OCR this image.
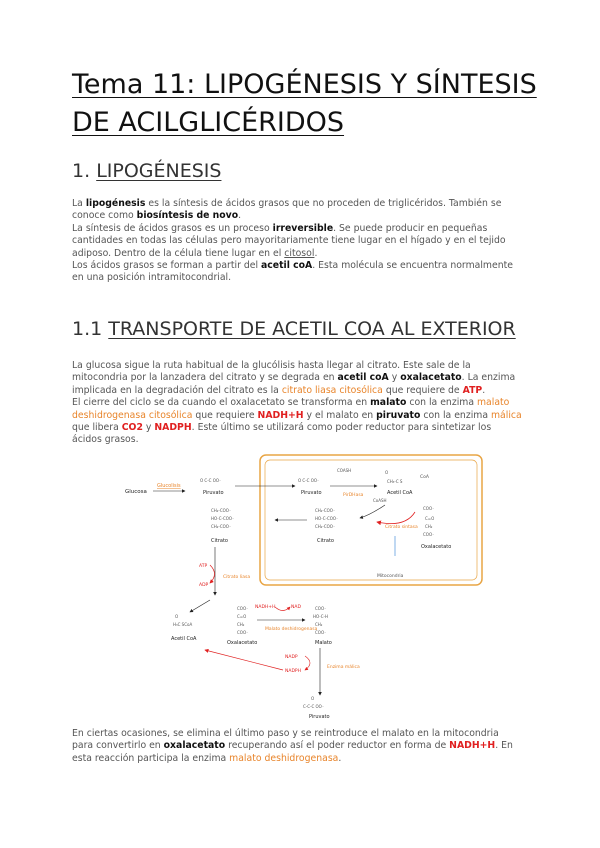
Tema 11: LIPOGÉNESIS Y SÍNTESIS DE ACILGLICÉRIDOS
1. LIPOGÉNESIS

La lipogénesis es la síntesis de ácidos grasos que no proceden de triglicéridos. También se conoce como biosíntesis de novo.
La síntesis de ácidos grasos es un proceso irreversible. Se puede producir en pequeñas cantidades en todas las células pero mayoritariamente tiene lugar en el hígado y en el tejido adiposo. Dentro de la célula tiene lugar en el citosol.
Los ácidos grasos se forman a partir del acetil coA. Esta molécula se encuentra normalmente en una posición intramitocondrial.

1.1 TRANSPORTE DE ACETIL COA AL EXTERIOR

La glucosa sigue la ruta habitual de la glucólisis hasta llegar al citrato. Este sale de la mitocondria por la lanzadera del citrato y se degrada en acetil coA y oxalacetato. La enzima implicada en la degradación del citrato es la citrato liasa citosólica que requiere de ATP.
El cierre del ciclo se da cuando el oxalacetato se transforma en malato con la enzima malato deshidrogenasa citosólica que requiere NADH+H y el malato en piruvato con la enzima málica que libera CO2 y NADPH. Este último se utilizará como poder reductor para sintetizar los ácidos grasos.

Mitocondria
Glucosa
Glucolisis
O C-C OO⁻
Piruvato
O C-C OO⁻
Piruvato
COASH
PirDHasa
O
CH₃-C S
CoA
Acetil CoA
CH₂-COO⁻
HO-C-COO⁻
CH₂-COO⁻
Citrato
CoASH
Citrato sintasa
COO⁻
C=O
CH₂
COO⁻
Oxalacetato
CH₂-COO⁻
HO-C-COO⁻
CH₂-COO⁻
Citrato
ATP
ADP
Citrato liasa
O
H₃C SCoA
Acetil CoA
COO⁻
C=O
CH₂
COO⁻
Oxalacetato
NADH+H	NAD
Malato deshidrogenasa
COO⁻
HO-C-H
CH₂
COO⁻
Malato
NADP
NADPH
Enzima málica
O
C-C-C OO⁻
Piruvato

En ciertas ocasiones, se elimina el último paso y se reintroduce el malato en la mitocondria para convertirlo en oxalacetato recuperando así el poder reductor en forma de NADH+H. En esta reacción participa la enzima malato deshidrogenasa.
